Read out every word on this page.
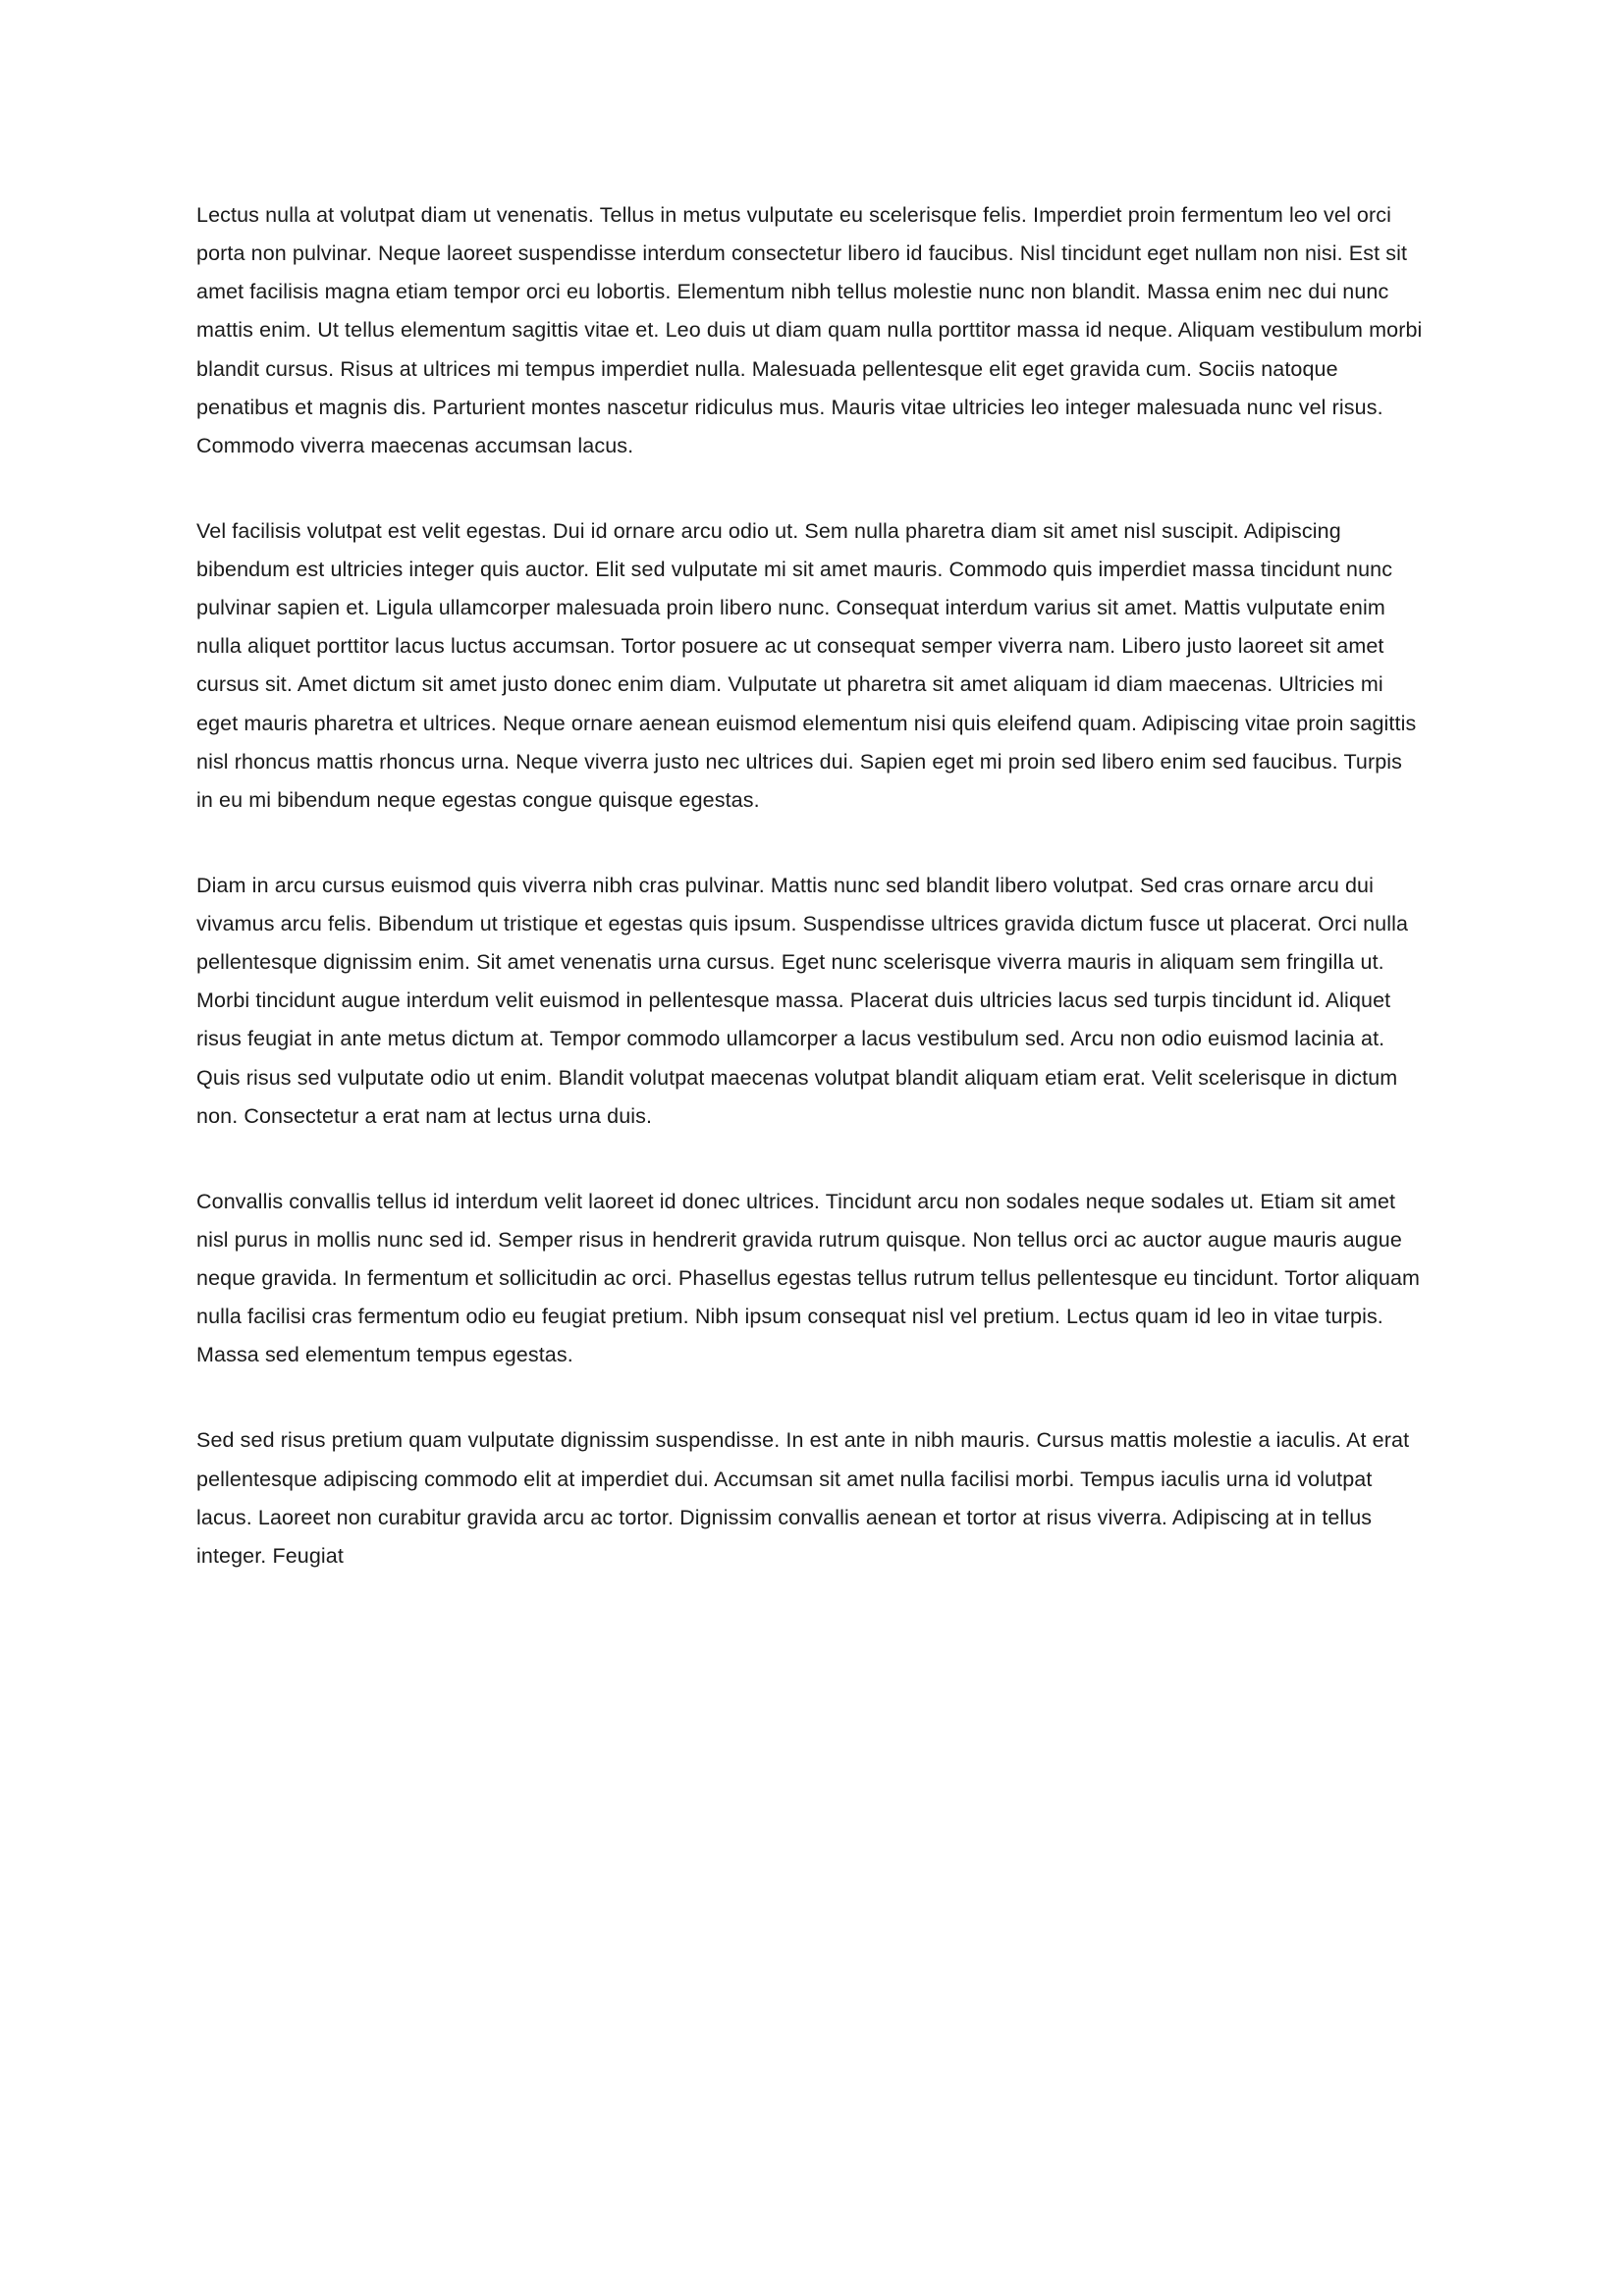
Lectus nulla at volutpat diam ut venenatis. Tellus in metus vulputate eu scelerisque felis. Imperdiet proin fermentum leo vel orci porta non pulvinar. Neque laoreet suspendisse interdum consectetur libero id faucibus. Nisl tincidunt eget nullam non nisi. Est sit amet facilisis magna etiam tempor orci eu lobortis. Elementum nibh tellus molestie nunc non blandit. Massa enim nec dui nunc mattis enim. Ut tellus elementum sagittis vitae et. Leo duis ut diam quam nulla porttitor massa id neque. Aliquam vestibulum morbi blandit cursus. Risus at ultrices mi tempus imperdiet nulla. Malesuada pellentesque elit eget gravida cum. Sociis natoque penatibus et magnis dis. Parturient montes nascetur ridiculus mus. Mauris vitae ultricies leo integer malesuada nunc vel risus. Commodo viverra maecenas accumsan lacus.

Vel facilisis volutpat est velit egestas. Dui id ornare arcu odio ut. Sem nulla pharetra diam sit amet nisl suscipit. Adipiscing bibendum est ultricies integer quis auctor. Elit sed vulputate mi sit amet mauris. Commodo quis imperdiet massa tincidunt nunc pulvinar sapien et. Ligula ullamcorper malesuada proin libero nunc. Consequat interdum varius sit amet. Mattis vulputate enim nulla aliquet porttitor lacus luctus accumsan. Tortor posuere ac ut consequat semper viverra nam. Libero justo laoreet sit amet cursus sit. Amet dictum sit amet justo donec enim diam. Vulputate ut pharetra sit amet aliquam id diam maecenas. Ultricies mi eget mauris pharetra et ultrices. Neque ornare aenean euismod elementum nisi quis eleifend quam. Adipiscing vitae proin sagittis nisl rhoncus mattis rhoncus urna. Neque viverra justo nec ultrices dui. Sapien eget mi proin sed libero enim sed faucibus. Turpis in eu mi bibendum neque egestas congue quisque egestas.

Diam in arcu cursus euismod quis viverra nibh cras pulvinar. Mattis nunc sed blandit libero volutpat. Sed cras ornare arcu dui vivamus arcu felis. Bibendum ut tristique et egestas quis ipsum. Suspendisse ultrices gravida dictum fusce ut placerat. Orci nulla pellentesque dignissim enim. Sit amet venenatis urna cursus. Eget nunc scelerisque viverra mauris in aliquam sem fringilla ut. Morbi tincidunt augue interdum velit euismod in pellentesque massa. Placerat duis ultricies lacus sed turpis tincidunt id. Aliquet risus feugiat in ante metus dictum at. Tempor commodo ullamcorper a lacus vestibulum sed. Arcu non odio euismod lacinia at. Quis risus sed vulputate odio ut enim. Blandit volutpat maecenas volutpat blandit aliquam etiam erat. Velit scelerisque in dictum non. Consectetur a erat nam at lectus urna duis.

Convallis convallis tellus id interdum velit laoreet id donec ultrices. Tincidunt arcu non sodales neque sodales ut. Etiam sit amet nisl purus in mollis nunc sed id. Semper risus in hendrerit gravida rutrum quisque. Non tellus orci ac auctor augue mauris augue neque gravida. In fermentum et sollicitudin ac orci. Phasellus egestas tellus rutrum tellus pellentesque eu tincidunt. Tortor aliquam nulla facilisi cras fermentum odio eu feugiat pretium. Nibh ipsum consequat nisl vel pretium. Lectus quam id leo in vitae turpis. Massa sed elementum tempus egestas.

Sed sed risus pretium quam vulputate dignissim suspendisse. In est ante in nibh mauris. Cursus mattis molestie a iaculis. At erat pellentesque adipiscing commodo elit at imperdiet dui. Accumsan sit amet nulla facilisi morbi. Tempus iaculis urna id volutpat lacus. Laoreet non curabitur gravida arcu ac tortor. Dignissim convallis aenean et tortor at risus viverra. Adipiscing at in tellus integer. Feugiat
